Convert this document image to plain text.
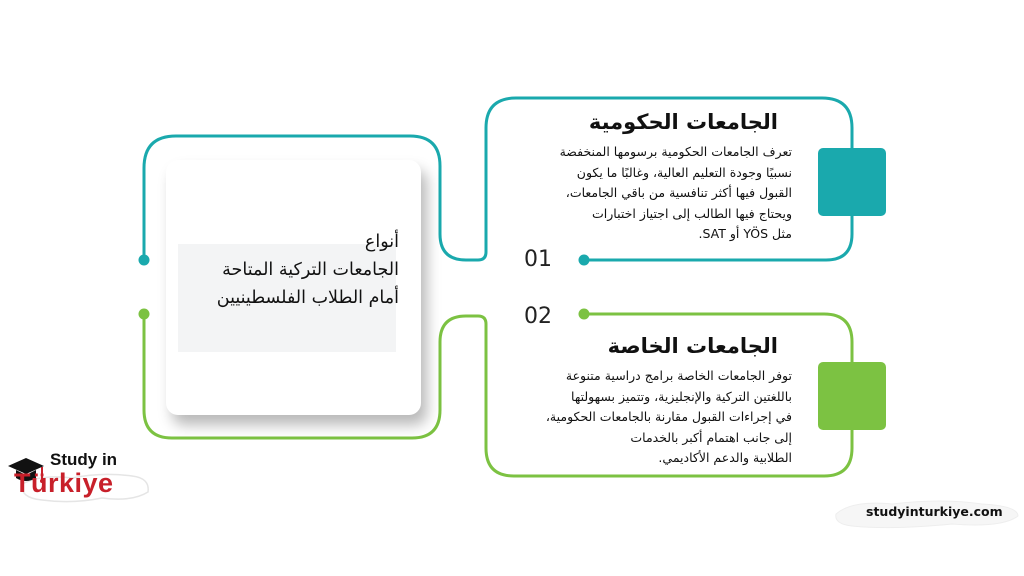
أنواع
الجامعات التركية المتاحة
أمام الطلاب الفلسطينيين
01
الجامعات الحكومية
تعرف الجامعات الحكومية برسومها المنخفضة
نسبيًا وجودة التعليم العالية، وغالبًا ما يكون
القبول فيها أكثر تنافسية من باقي الجامعات،
ويحتاج فيها الطالب إلى اجتياز اختبارات
مثل YÖS أو SAT.
02
الجامعات الخاصة
توفر الجامعات الخاصة برامج دراسية متنوعة
باللغتين التركية والإنجليزية، وتتميز بسهولتها
في إجراءات القبول مقارنة بالجامعات الحكومية،
إلى جانب اهتمام أكبر بالخدمات
الطلابية والدعم الأكاديمي.
Study in
Türkiye
studyinturkiye.com
